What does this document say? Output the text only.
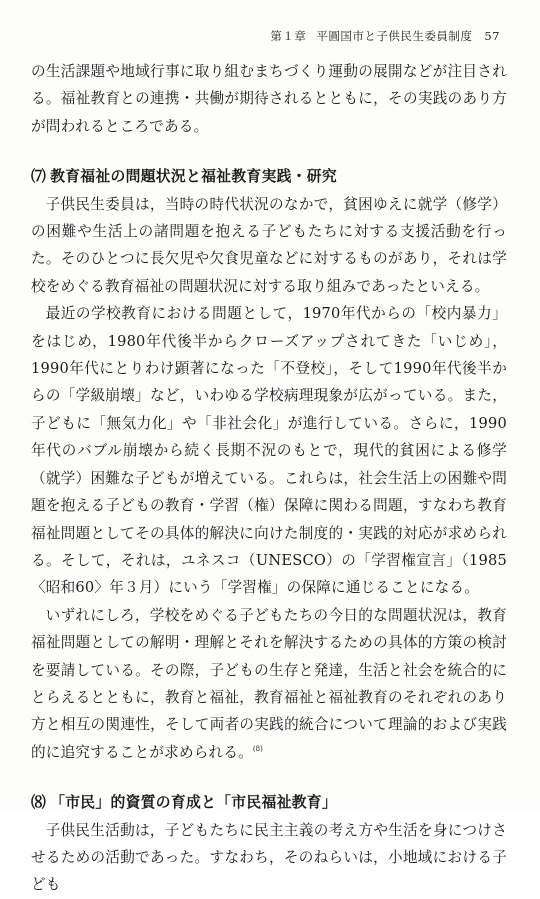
第１章 平圓国市と子供民生委員制度 57

の生活課題や地域行事に取り組むまちづくり運動の展開などが注目される。福祉教育との連携・共働が期待されるとともに，その実践のあり方が問われるところである。

⑺ 教育福祉の問題状況と福祉教育実践・研究

子供民生委員は，当時の時代状況のなかで，貧困ゆえに就学（修学）の困難や生活上の諸問題を抱える子どもたちに対する支援活動を行った。そのひとつに長欠児や欠食児童などに対するものがあり，それは学校をめぐる教育福祉の問題状況に対する取り組みであったといえる。

最近の学校教育における問題として，1970年代からの「校内暴力」をはじめ，1980年代後半からクローズアップされてきた「いじめ」，1990年代にとりわけ顕著になった「不登校」，そして1990年代後半からの「学級崩壊」など，いわゆる学校病理現象が広がっている。また，子どもに「無気力化」や「非社会化」が進行している。さらに，1990年代のバブル崩壊から続く長期不況のもとで，現代的貧困による修学（就学）困難な子どもが増えている。これらは，社会生活上の困難や問題を抱える子どもの教育・学習（権）保障に関わる問題，すなわち教育福祉問題としてその具体的解決に向けた制度的・実践的対応が求められる。そして，それは，ユネスコ（UNESCO）の「学習権宣言」（1985〈昭和60〉年３月）にいう「学習権」の保障に通じることになる。

いずれにしろ，学校をめぐる子どもたちの今日的な問題状況は，教育福祉問題としての解明・理解とそれを解決するための具体的方策の検討を要請している。その際，子どもの生存と発達，生活と社会を統合的にとらえるとともに，教育と福祉，教育福祉と福祉教育のそれぞれのあり方と相互の関連性，そして両者の実践的統合について理論的および実践的に追究することが求められる。$^{(8)}$

⑻ 「市民」的資質の育成と「市民福祉教育」

子供民生活動は，子どもたちに民主主義の考え方や生活を身につけさせるための活動であった。すなわち，そのねらいは，小地域における子ども
